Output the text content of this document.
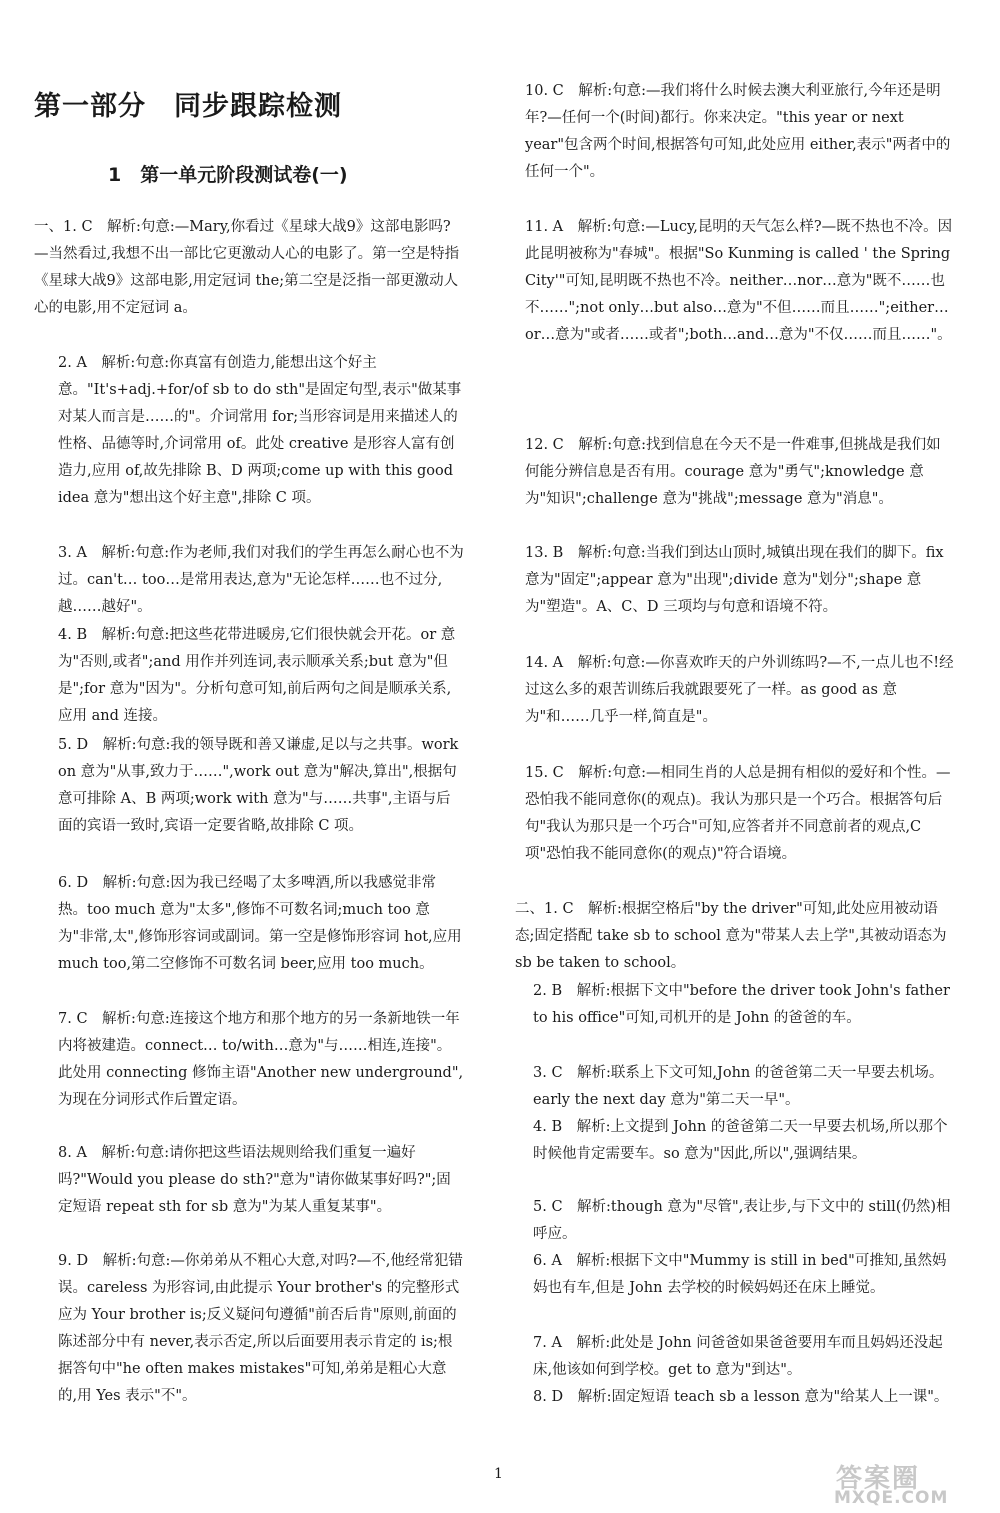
第一部分　同步跟踪检测
1　第一单元阶段测试卷(一)
一、1. C　解析:句意:—Mary,你看过《星球大战9》这部电影吗?—当然看过,我想不出一部比它更激动人心的电影了。第一空是特指《星球大战9》这部电影,用定冠词 the;第二空是泛指一部更激动人心的电影,用不定冠词 a。
2. A　解析:句意:你真富有创造力,能想出这个好主意。"It's+adj.+for/of sb to do sth"是固定句型,表示"做某事对某人而言是……的"。介词常用 for;当形容词是用来描述人的性格、品德等时,介词常用 of。此处 creative 是形容人富有创造力,应用 of,故先排除 B、D 两项;come up with this good idea 意为"想出这个好主意",排除 C 项。
3. A　解析:句意:作为老师,我们对我们的学生再怎么耐心也不为过。can't… too…是常用表达,意为"无论怎样……也不过分,越……越好"。
4. B　解析:句意:把这些花带进暖房,它们很快就会开花。or 意为"否则,或者";and 用作并列连词,表示顺承关系;but 意为"但是";for 意为"因为"。分析句意可知,前后两句之间是顺承关系,应用 and 连接。
5. D　解析:句意:我的领导既和善又谦虚,足以与之共事。work on 意为"从事,致力于……",work out 意为"解决,算出",根据句意可排除 A、B 两项;work with 意为"与……共事",主语与后面的宾语一致时,宾语一定要省略,故排除 C 项。
6. D　解析:句意:因为我已经喝了太多啤酒,所以我感觉非常热。too much 意为"太多",修饰不可数名词;much too 意为"非常,太",修饰形容词或副词。第一空是修饰形容词 hot,应用 much too,第二空修饰不可数名词 beer,应用 too much。
7. C　解析:句意:连接这个地方和那个地方的另一条新地铁一年内将被建造。connect… to/with…意为"与……相连,连接"。此处用 connecting 修饰主语"Another new underground",为现在分词形式作后置定语。
8. A　解析:句意:请你把这些语法规则给我们重复一遍好吗?"Would you please do sth?"意为"请你做某事好吗?";固定短语 repeat sth for sb 意为"为某人重复某事"。
9. D　解析:句意:—你弟弟从不粗心大意,对吗?—不,他经常犯错误。careless 为形容词,由此提示 Your brother's 的完整形式应为 Your brother is;反义疑问句遵循"前否后肯"原则,前面的陈述部分中有 never,表示否定,所以后面要用表示肯定的 is;根据答句中"he often makes mistakes"可知,弟弟是粗心大意的,用 Yes 表示"不"。
10. C　解析:句意:—我们将什么时候去澳大利亚旅行,今年还是明年?—任何一个(时间)都行。你来决定。"this year or next year"包含两个时间,根据答句可知,此处应用 either,表示"两者中的任何一个"。
11. A　解析:句意:—Lucy,昆明的天气怎么样?—既不热也不冷。因此昆明被称为"春城"。根据"So Kunming is called ' the Spring City'"可知,昆明既不热也不冷。neither…nor…意为"既不……也不……";not only…but also…意为"不但……而且……";either…or…意为"或者……或者";both…and…意为"不仅……而且……"。
12. C　解析:句意:找到信息在今天不是一件难事,但挑战是我们如何能分辨信息是否有用。courage 意为"勇气";knowledge 意为"知识";challenge 意为"挑战";message 意为"消息"。
13. B　解析:句意:当我们到达山顶时,城镇出现在我们的脚下。fix 意为"固定";appear 意为"出现";divide 意为"划分";shape 意为"塑造"。A、C、D 三项均与句意和语境不符。
14. A　解析:句意:—你喜欢昨天的户外训练吗?—不,一点儿也不!经过这么多的艰苦训练后我就跟要死了一样。as good as 意为"和……几乎一样,简直是"。
15. C　解析:句意:—相同生肖的人总是拥有相似的爱好和个性。—恐怕我不能同意你(的观点)。我认为那只是一个巧合。根据答句后句"我认为那只是一个巧合"可知,应答者并不同意前者的观点,C 项"恐怕我不能同意你(的观点)"符合语境。
二、1. C　解析:根据空格后"by the driver"可知,此处应用被动语态;固定搭配 take sb to school 意为"带某人去上学",其被动语态为 sb be taken to school。
2. B　解析:根据下文中"before the driver took John's father to his office"可知,司机开的是 John 的爸爸的车。
3. C　解析:联系上下文可知,John 的爸爸第二天一早要去机场。early the next day 意为"第二天一早"。
4. B　解析:上文提到 John 的爸爸第二天一早要去机场,所以那个时候他肯定需要车。so 意为"因此,所以",强调结果。
5. C　解析:though 意为"尽管",表让步,与下文中的 still(仍然)相呼应。
6. A　解析:根据下文中"Mummy is still in bed"可推知,虽然妈妈也有车,但是 John 去学校的时候妈妈还在床上睡觉。
7. A　解析:此处是 John 问爸爸如果爸爸要用车而且妈妈还没起床,他该如何到学校。get to 意为"到达"。
8. D　解析:固定短语 teach sb a lesson 意为"给某人上一课"。
1	答案圈
MXQE.COM
